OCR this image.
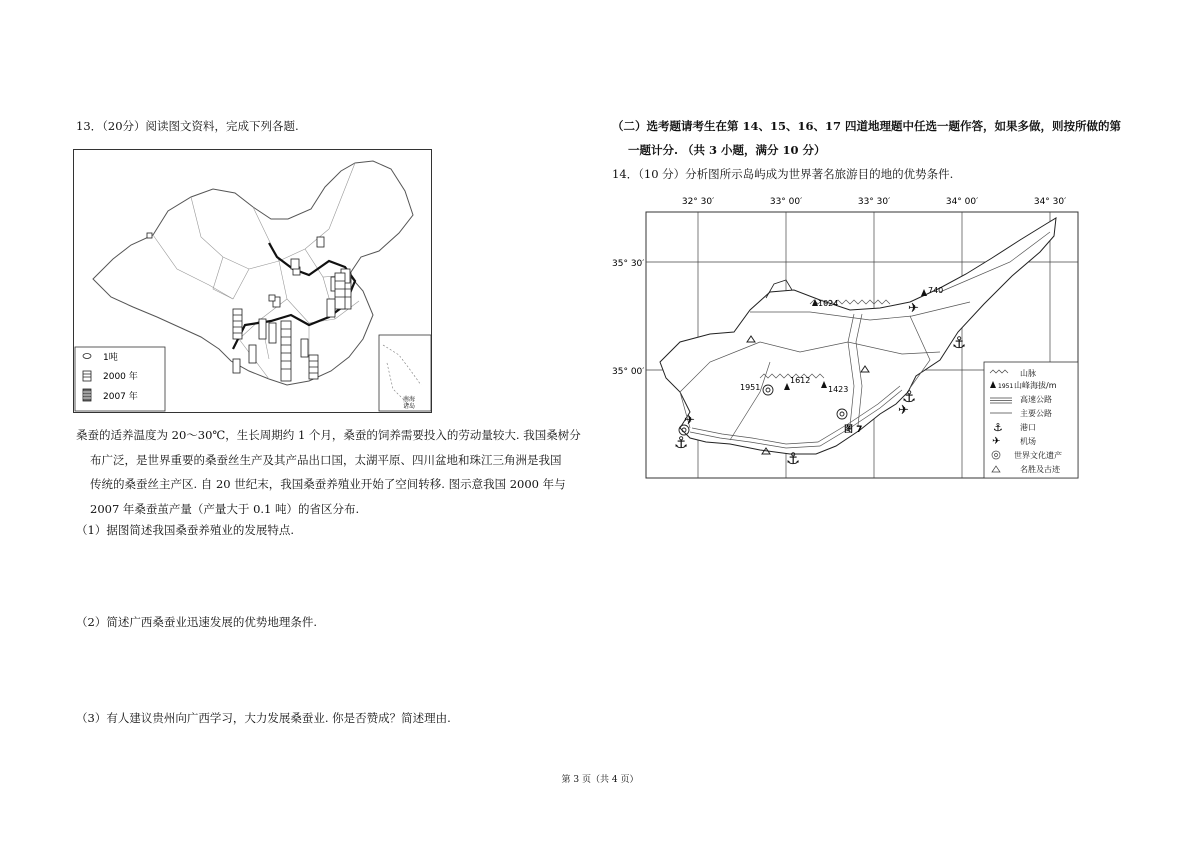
13．（20分）阅读图文资料，完成下列各题.
1吨
2000 年
2007 年	南海诸岛
桑蚕的适养温度为 20～30℃，生长周期约 1 个月，桑蚕的饲养需要投入的劳动量较大. 我国桑树分
布广泛，是世界重要的桑蚕丝生产及其产品出口国，太湖平原、四川盆地和珠江三角洲是我国
传统的桑蚕丝主产区. 自 20 世纪末，我国桑蚕养殖业开始了空间转移. 图示意我国 2000 年与
2007 年桑蚕茧产量（产量大于 0.1 吨）的省区分布.
（1）据图简述我国桑蚕养殖业的发展特点.
（2）简述广西桑蚕业迅速发展的优势地理条件.
（3）有人建议贵州向广西学习，大力发展桑蚕业. 你是否赞成？简述理由.
（二）选考题请考生在第 14、15、16、17 四道地理题中任选一题作答，如果多做，则按所做的第
一题计分. （共 3 小题，满分 10 分）
14．（10 分）分析图所示岛屿成为世界著名旅游目的地的优势条件.
32° 30′	33° 00′	33° 30′	34° 00′	34° 30′
35° 30′
35° 00′
740
1024
1951
1612
1423
⚓
⚓
⚓
⚓
✈
✈
✈
图 7
1951
⚓
✈
山脉
山峰海拔/m
高速公路
主要公路
港口
机场
世界文化遗产
名胜及古迹
第 3 页（共 4 页）
